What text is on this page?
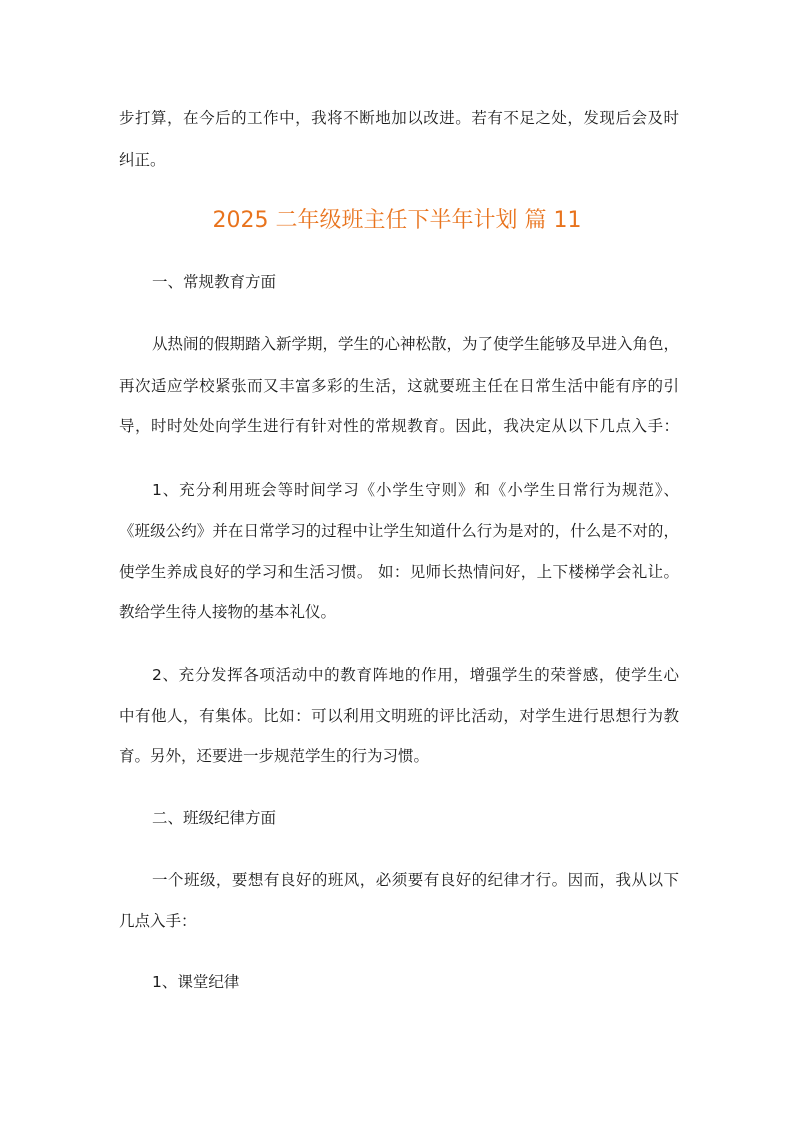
步打算，在今后的工作中，我将不断地加以改进。若有不足之处，发现后会及时
纠正。
2025 二年级班主任下半年计划 篇 11
一、常规教育方面
从热闹的假期踏入新学期，学生的心神松散，为了使学生能够及早进入角色，
再次适应学校紧张而又丰富多彩的生活，这就要班主任在日常生活中能有序的引
导，时时处处向学生进行有针对性的常规教育。因此，我决定从以下几点入手：
1、充分利用班会等时间学习《小学生守则》和《小学生日常行为规范》、
《班级公约》并在日常学习的过程中让学生知道什么行为是对的，什么是不对的，
使学生养成良好的学习和生活习惯。 如：见师长热情问好，上下楼梯学会礼让。
教给学生待人接物的基本礼仪。
2、充分发挥各项活动中的教育阵地的作用，增强学生的荣誉感，使学生心
中有他人，有集体。比如：可以利用文明班的评比活动，对学生进行思想行为教
育。另外，还要进一步规范学生的行为习惯。
二、班级纪律方面
一个班级，要想有良好的班风，必须要有良好的纪律才行。因而，我从以下
几点入手：
1、课堂纪律
